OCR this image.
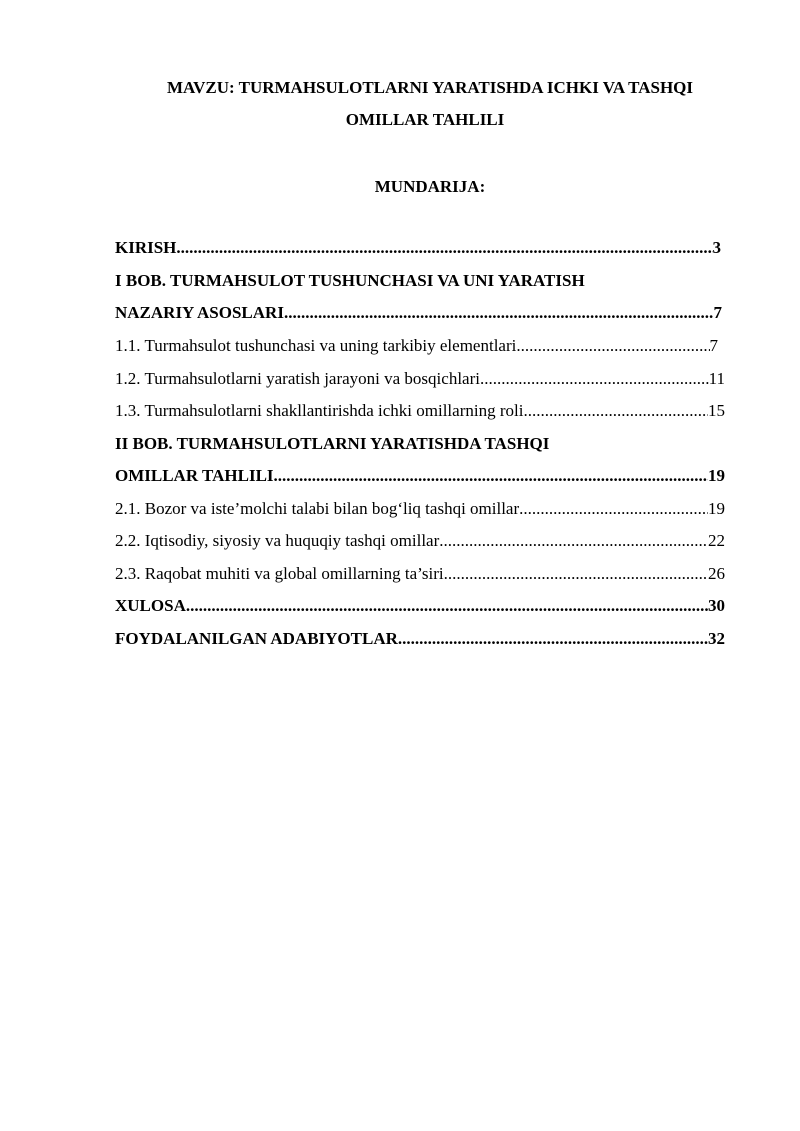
MAVZU: TURMAHSULOTLARNI YARATISHDA ICHKI VA TASHQI
OMILLAR TAHLILI
MUNDARIJA:
KIRISH .....	3
I BOB. TURMAHSULOT TUSHUNCHASI VA UNI YARATISH
NAZARIY ASOSLARI .....	7
1.1. Turmahsulot tushunchasi va uning tarkibiy elementlari .....	7
1.2. Turmahsulotlarni yaratish jarayoni va bosqichlari .....	11
1.3. Turmahsulotlarni shakllantirishda ichki omillarning roli .....	15
II BOB. TURMAHSULOTLARNI YARATISHDA TASHQI
OMILLAR TAHLILI .....	19
2.1. Bozor va iste’molchi talabi bilan bog‘liq tashqi omillar .....	19
2.2. Iqtisodiy, siyosiy va huquqiy tashqi omillar .....	22
2.3. Raqobat muhiti va global omillarning ta’siri .....	26
XULOSA .....	30
FOYDALANILGAN ADABIYOTLAR .....	32
